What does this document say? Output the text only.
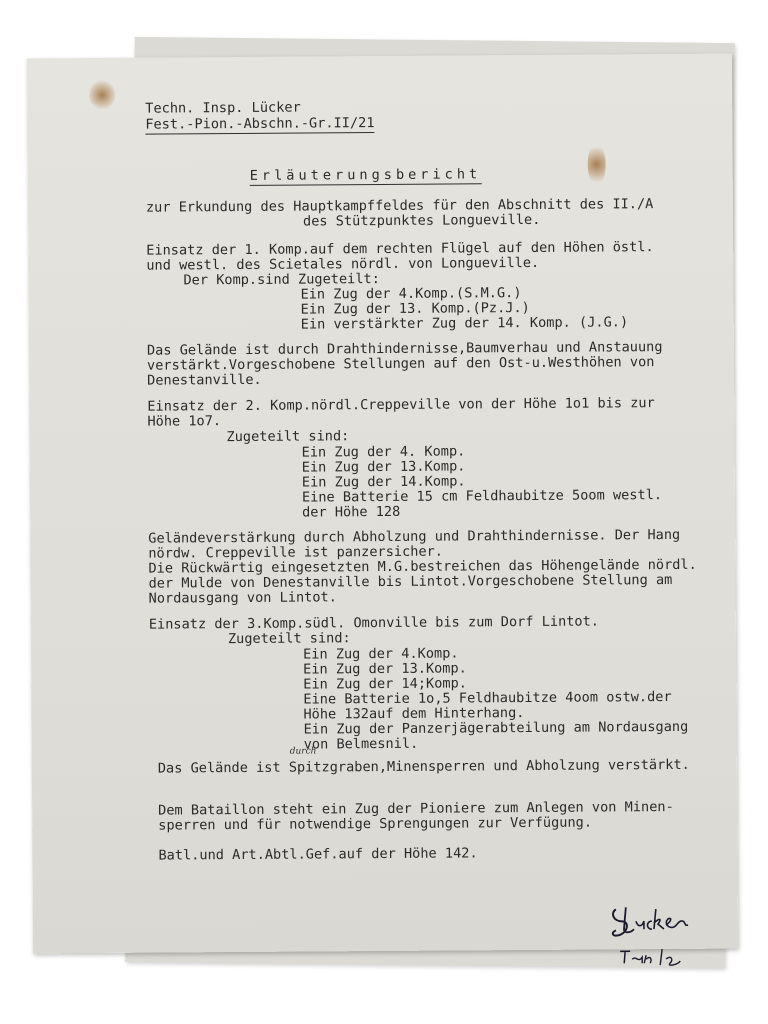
Techn. Insp. Lücker

Fest.-Pion.-Abschn.-Gr.II/21

Erläuterungsbericht

zur Erkundung des Hauptkampffeldes für den Abschnitt des II./A

des Stützpunktes Longueville.

Einsatz der 1. Komp.auf dem rechten Flügel auf den Höhen östl.

und westl. des Scietales nördl. von Longueville.

Der Komp.sind Zugeteilt:

Ein Zug der 4.Komp.(S.M.G.)

Ein Zug der 13. Komp.(Pz.J.)

Ein verstärkter Zug der 14. Komp. (J.G.)

Das Gelände ist durch Drahthindernisse,Baumverhau und Anstauung

verstärkt.Vorgeschobene Stellungen auf den Ost-u.Westhöhen von

Denestanville.

Einsatz der 2. Komp.nördl.Creppeville von der Höhe 1o1 bis zur

Höhe 1o7.

Zugeteilt sind:

Ein Zug der 4. Komp.

Ein Zug der 13.Komp.

Ein Zug der 14.Komp.

Eine Batterie 15 cm Feldhaubitze 5oom westl.

der Höhe 128

Geländeverstärkung durch Abholzung und Drahthindernisse. Der Hang

nördw. Creppeville ist panzersicher.

Die Rückwärtig eingesetzten M.G.bestreichen das Höhengelände nördl.

der Mulde von Denestanville bis Lintot.Vorgeschobene Stellung am

Nordausgang von Lintot.

Einsatz der 3.Komp.südl. Omonville bis zum Dorf Lintot.

Zugeteilt sind:

Ein Zug der 4.Komp.

Ein Zug der 13.Komp.

Ein Zug der 14;Komp.

Eine Batterie 1o,5 Feldhaubitze 4oom ostw.der

Höhe 132auf dem Hinterhang.

Ein Zug der Panzerjägerabteilung am Nordausgang

von Belmesnil.

durch

Das Gelände ist Spitzgraben,Minensperren und Abholzung verstärkt.

Dem Bataillon steht ein Zug der Pioniere zum Anlegen von Minen-

sperren und für notwendige Sprengungen zur Verfügung.

Batl.und Art.Abtl.Gef.auf der Höhe 142.
